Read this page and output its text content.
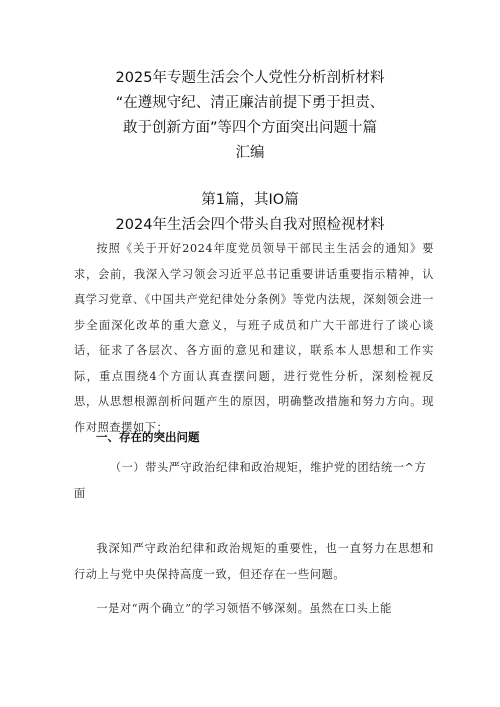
2025年专题生活会个人党性分析剖析材料
“在遵规守纪、清正廉洁前提下勇于担责、
敢于创新方面”等四个方面突出问题十篇
汇编
第1篇，其IO篇
2024年生活会四个带头自我对照检视材料

按照《关于开好2024年度党员领导干部民主生活会的通知》要求，会前，我深入学习领会习近平总书记重要讲话重要指示精神，认真学习党章、《中国共产党纪律处分条例》等党内法规，深刻领会进一步全面深化改革的重大意义，与班子成员和广大干部进行了谈心谈话，征求了各层次、各方面的意见和建议，联系本人思想和工作实际，重点围绕4个方面认真查摆问题，进行党性分析，深刻检视反思，从思想根源剖析问题产生的原因，明确整改措施和努力方向。现作对照查摆如下：

一、存在的突出问题

（一）带头严守政治纪律和政治规矩，维护党的团结统一^方面

我深知严守政治纪律和政治规矩的重要性，也一直努力在思想和行动上与党中央保持高度一致，但还存在一些问题。

一是对“两个确立”的学习领悟不够深刻。虽然在口头上能
